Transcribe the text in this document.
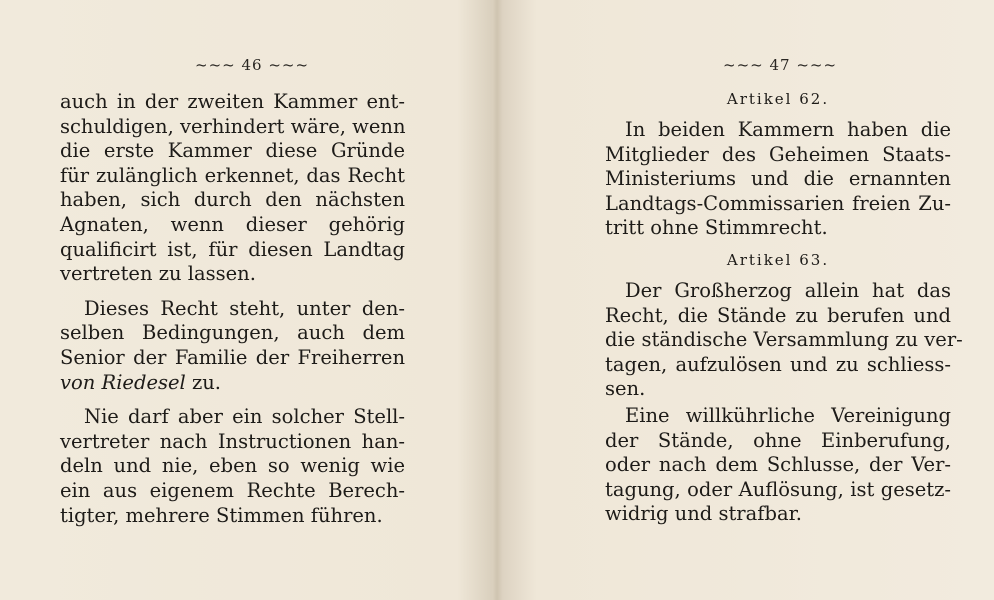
~~~ 46 ~~~
auch in der zweiten Kammer ent-
schuldigen, verhindert wäre, wenn
die erste Kammer diese Gründe
für zulänglich erkennet, das Recht
haben, sich durch den nächsten
Agnaten, wenn dieser gehörig
qualificirt ist, für diesen Landtag
vertreten zu lassen.
Dieses Recht steht, unter den-
selben Bedingungen, auch dem
Senior der Familie der Freiherren
von Riedesel zu.
Nie darf aber ein solcher Stell-
vertreter nach Instructionen han-
deln und nie, eben so wenig wie
ein aus eigenem Rechte Berech-
tigter, mehrere Stimmen führen.
~~~ 47 ~~~
Artikel 62.
In beiden Kammern haben die
Mitglieder des Geheimen Staats-
Ministeriums und die ernannten
Landtags-Commissarien freien Zu-
tritt ohne Stimmrecht.
Artikel 63.
Der Großherzog allein hat das
Recht, die Stände zu berufen und
die ständische Versammlung zu ver-
tagen, aufzulösen und zu schliess-
sen.
Eine willkührliche Vereinigung
der Stände, ohne Einberufung,
oder nach dem Schlusse, der Ver-
tagung, oder Auflösung, ist gesetz-
widrig und strafbar.
